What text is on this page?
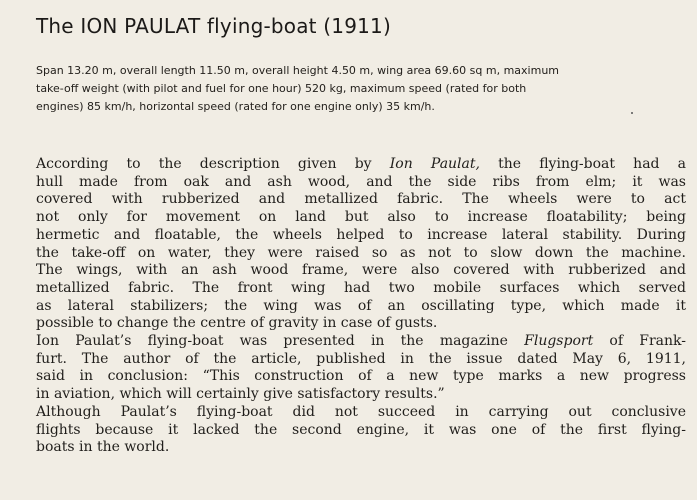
The ION PAULAT flying-boat (1911)

Span 13.20 m, overall length 11.50 m, overall height 4.50 m, wing area 69.60 sq m, maximum
take-off weight (with pilot and fuel for one hour) 520 kg, maximum speed (rated for both
engines) 85 km/h, horizontal speed (rated for one engine only) 35 km/h.

According to the description given by Ion Paulat, the flying-boat had a
hull made from oak and ash wood, and the side ribs from elm; it was
covered with rubberized and metallized fabric. The wheels were to act
not only for movement on land but also to increase floatability; being
hermetic and floatable, the wheels helped to increase lateral stability. During
the take-off on water, they were raised so as not to slow down the machine.
The wings, with an ash wood frame, were also covered with rubberized and
metallized fabric. The front wing had two mobile surfaces which served
as lateral stabilizers; the wing was of an oscillating type, which made it
possible to change the centre of gravity in case of gusts.
Ion Paulat’s flying-boat was presented in the magazine Flugsport of Frank-
furt. The author of the article, published in the issue dated May 6, 1911,
said in conclusion: “This construction of a new type marks a new progress
in aviation, which will certainly give satisfactory results.”
Although Paulat’s flying-boat did not succeed in carrying out conclusive
flights because it lacked the second engine, it was one of the first flying-
boats in the world.
